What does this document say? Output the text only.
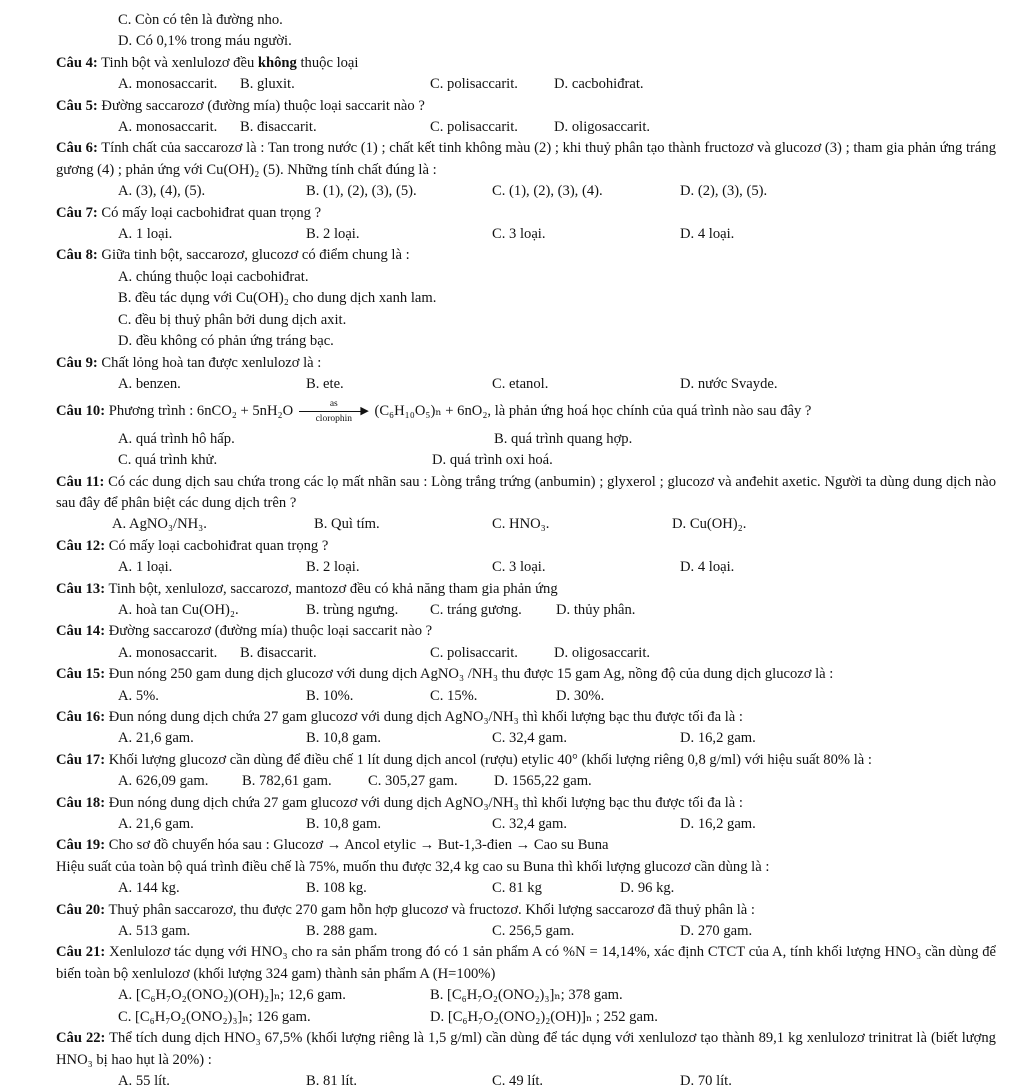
C. Còn có tên là đường nho.
D. Có 0,1% trong máu người.
Câu 4: Tinh bột và xenlulozơ đều không thuộc loại
A. monosaccarit.	B. gluxit.	C. polisaccarit.	D. cacbohiđrat.
Câu 5: Đường saccarozơ (đường mía) thuộc loại saccarit nào ?
A. monosaccarit.	B. đisaccarit.	C. polisaccarit.	D. oligosaccarit.
Câu 6: Tính chất của saccarozơ là : Tan trong nước (1) ; chất kết tinh không màu (2) ; khi thuỷ phân tạo thành fructozơ và glucozơ (3) ; tham gia phản ứng tráng gương (4) ; phản ứng với Cu(OH)₂ (5). Những tính chất đúng là :
A. (3), (4), (5).	B. (1), (2), (3), (5).	C. (1), (2), (3), (4).	D. (2), (3), (5).
Câu 7: Có mấy loại cacbohiđrat quan trọng ?
A. 1 loại.	B. 2 loại.	C. 3 loại.	D. 4 loại.
Câu 8: Giữa tinh bột, saccarozơ, glucozơ có điểm chung là :
A. chúng thuộc loại cacbohiđrat.
B. đều tác dụng với Cu(OH)₂ cho dung dịch xanh lam.
C. đều bị thuỷ phân bởi dung dịch axit.
D. đều không có phản ứng tráng bạc.
Câu 9: Chất lỏng hoà tan được xenlulozơ là :
A. benzen.	B. ete.	C. etanol.	D. nước Svayde.
Câu 10: Phương trình : 6nCO₂ + 5nH₂O	as
▶
clorophin	(C₆H₁₀O₅)ₙ + 6nO₂, là phản ứng hoá học chính của quá trình nào sau đây ?
A. quá trình hô hấp.	B. quá trình quang hợp.
C. quá trình khử.	D. quá trình oxi hoá.
Câu 11: Có các dung dịch sau chứa trong các lọ mất nhãn sau : Lòng trắng trứng (anbumin) ; glyxerol ; glucozơ và anđehit axetic. Người ta dùng dung dịch nào sau đây để phân biệt các dung dịch trên ?
A. AgNO₃/NH₃.	B. Quì tím.	C. HNO₃.	D. Cu(OH)₂.
Câu 12: Có mấy loại cacbohiđrat quan trọng ?
A. 1 loại.	B. 2 loại.	C. 3 loại.	D. 4 loại.
Câu 13: Tinh bột, xenlulozơ, saccarozơ, mantozơ đều có khả năng tham gia phản ứng
A. hoà tan Cu(OH)₂.	B. trùng ngưng.	C. tráng gương.	D. thủy phân.
Câu 14: Đường saccarozơ (đường mía) thuộc loại saccarit nào ?
A. monosaccarit.	B. đisaccarit.	C. polisaccarit.	D. oligosaccarit.
Câu 15: Đun nóng 250 gam dung dịch glucozơ với dung dịch AgNO₃ /NH₃ thu được 15 gam Ag, nồng độ của dung dịch glucozơ là :
A. 5%.	B. 10%.	C. 15%.	D. 30%.
Câu 16: Đun nóng dung dịch chứa 27 gam glucozơ với dung dịch AgNO₃/NH₃ thì khối lượng bạc thu được tối đa là :
A. 21,6 gam.	B. 10,8 gam.	C. 32,4 gam.	D. 16,2 gam.
Câu 17: Khối lượng glucozơ cần dùng để điều chế 1 lít dung dịch ancol (rượu) etylic 40° (khối lượng riêng 0,8 g/ml) với hiệu suất 80% là :
A. 626,09 gam.	B. 782,61 gam.	C. 305,27 gam.	D. 1565,22 gam.
Câu 18: Đun nóng dung dịch chứa 27 gam glucozơ với dung dịch AgNO₃/NH₃ thì khối lượng bạc thu được tối đa là :
A. 21,6 gam.	B. 10,8 gam.	C. 32,4 gam.	D. 16,2 gam.
Câu 19: Cho sơ đồ chuyển hóa sau : Glucozơ → Ancol etylic → But-1,3-đien → Cao su Buna
Hiệu suất của toàn bộ quá trình điều chế là 75%, muốn thu được 32,4 kg cao su Buna thì khối lượng glucozơ cần dùng là :
A. 144 kg.	B. 108 kg.	C. 81 kg	D. 96 kg.
Câu 20: Thuỷ phân saccarozơ, thu được 270 gam hỗn hợp glucozơ và fructozơ. Khối lượng saccarozơ đã thuỷ phân là :
A. 513 gam.	B. 288 gam.	C. 256,5 gam.	D. 270 gam.
Câu 21: Xenlulozơ tác dụng với HNO₃ cho ra sản phẩm trong đó có 1 sản phẩm A có %N = 14,14%, xác định CTCT của A, tính khối lượng HNO₃ cần dùng để biến toàn bộ xenlulozơ (khối lượng 324 gam) thành sản phẩm A (H=100%)
A. [C₆H₇O₂(ONO₂)(OH)₂]ₙ; 12,6 gam.	B. [C₆H₇O₂(ONO₂)₃]ₙ; 378 gam.
C. [C₆H₇O₂(ONO₂)₃]ₙ; 126 gam.	D. [C₆H₇O₂(ONO₂)₂(OH)]ₙ ; 252 gam.
Câu 22: Thể tích dung dịch HNO₃ 67,5% (khối lượng riêng là 1,5 g/ml) cần dùng để tác dụng với xenlulozơ tạo thành 89,1 kg xenlulozơ trinitrat là (biết lượng HNO₃ bị hao hụt là 20%) :
A. 55 lít.	B. 81 lít.	C. 49 lít.	D. 70 lít.
